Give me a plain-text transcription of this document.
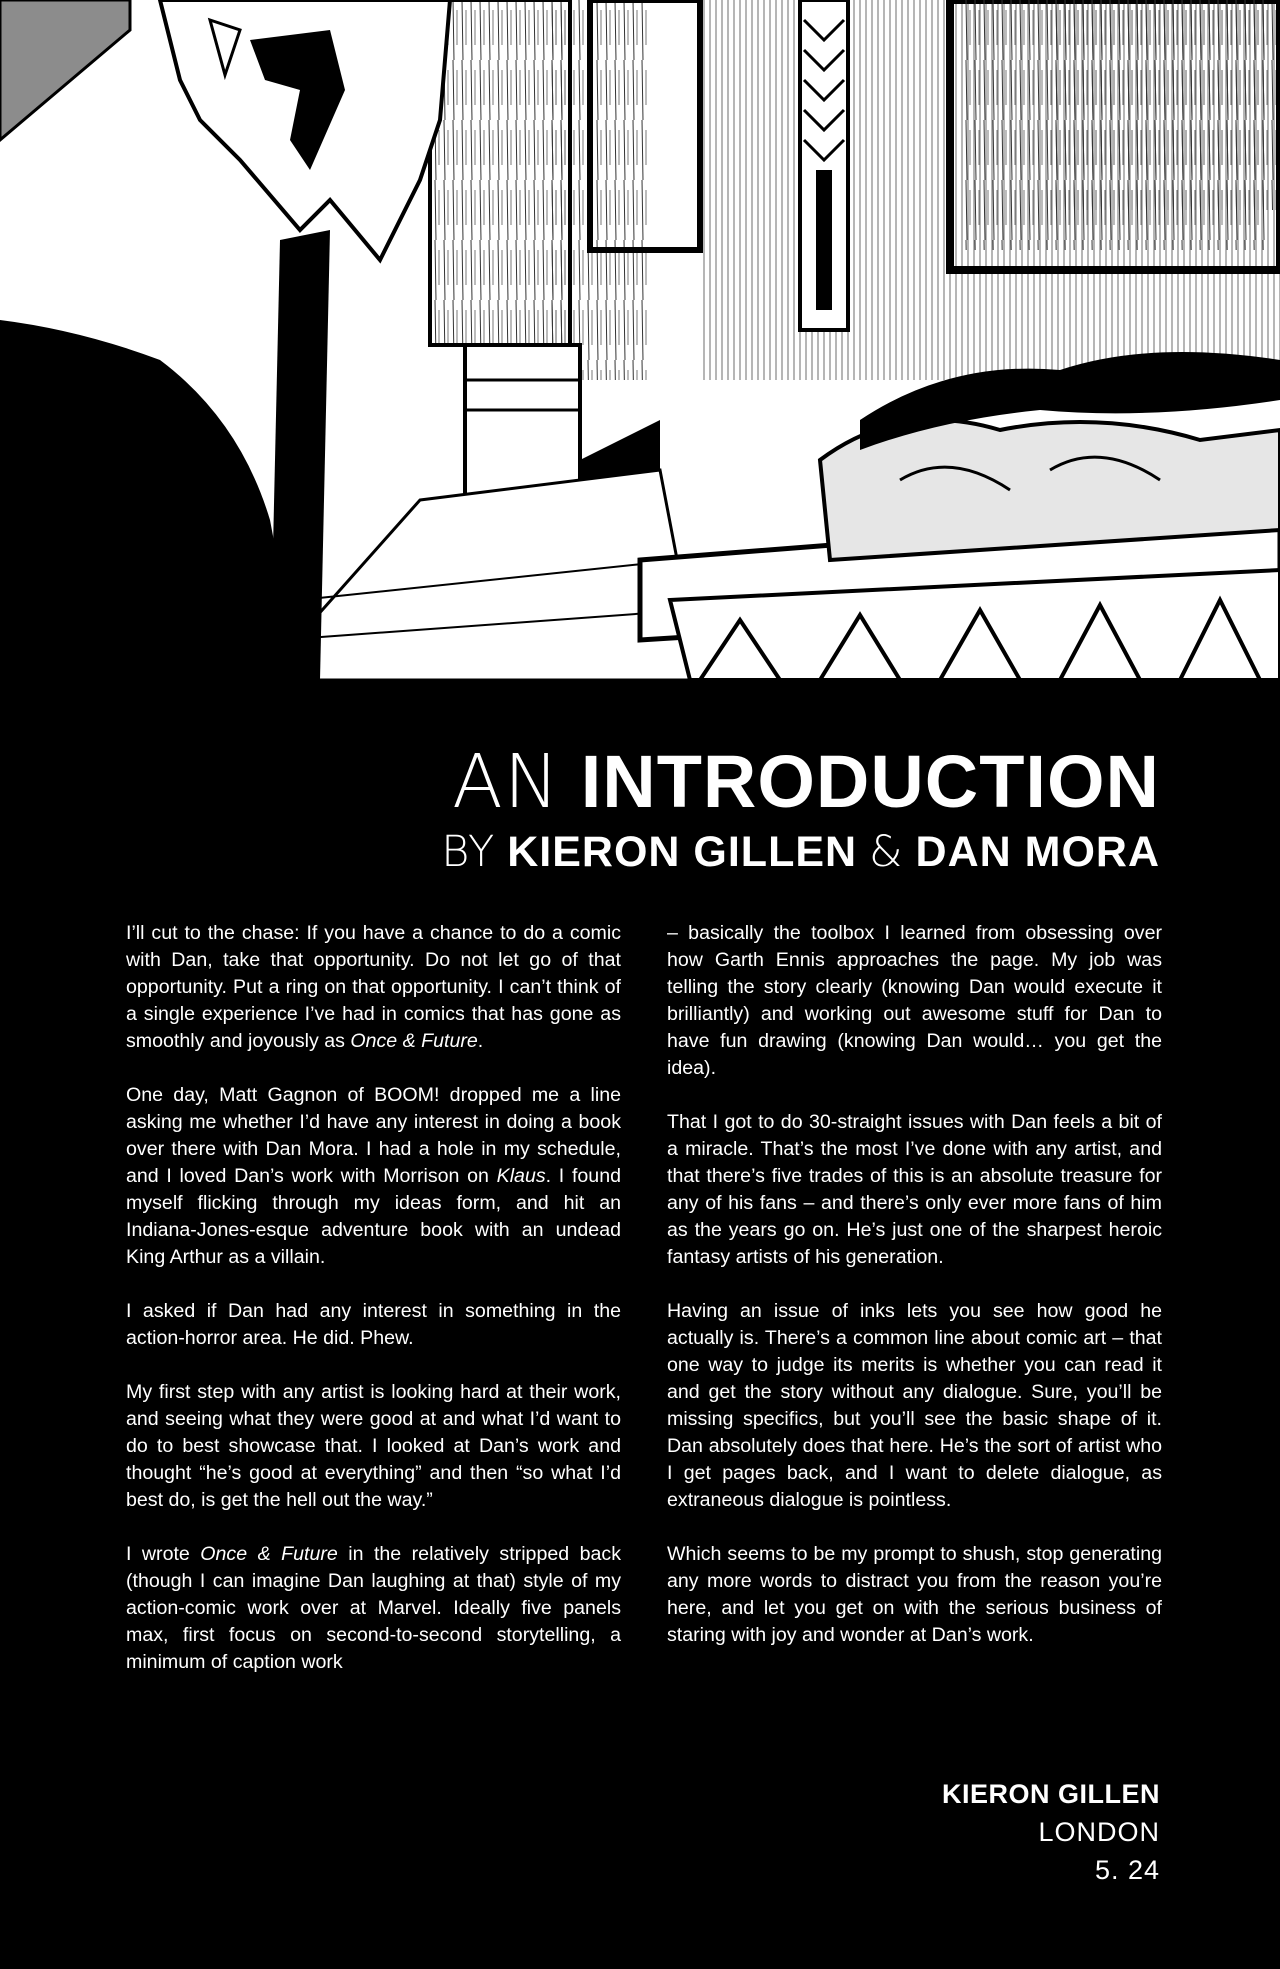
AN INTRODUCTION
BY KIERON GILLEN & DAN MORA

I’ll cut to the chase: If you have a chance to do a comic with Dan, take that opportunity. Do not let go of that opportunity. Put a ring on that opportunity. I can’t think of a single experience I’ve had in comics that has gone as smoothly and joyously as Once & Future.

One day, Matt Gagnon of BOOM! dropped me a line asking me whether I’d have any interest in doing a book over there with Dan Mora. I had a hole in my schedule, and I loved Dan’s work with Morrison on Klaus. I found myself flicking through my ideas form, and hit an Indiana-Jones-esque adventure book with an undead King Arthur as a villain.

I asked if Dan had any interest in something in the action-horror area. He did. Phew.

My first step with any artist is looking hard at their work, and seeing what they were good at and what I’d want to do to best showcase that. I looked at Dan’s work and thought “he’s good at everything” and then “so what I’d best do, is get the hell out the way.”

I wrote Once & Future in the relatively stripped back (though I can imagine Dan laughing at that) style of my action-comic work over at Marvel. Ideally five panels max, first focus on second-to-second storytelling, a minimum of caption work

– basically the toolbox I learned from obsessing over how Garth Ennis approaches the page. My job was telling the story clearly (knowing Dan would execute it brilliantly) and working out awesome stuff for Dan to have fun drawing (knowing Dan would… you get the idea).

That I got to do 30-straight issues with Dan feels a bit of a miracle. That’s the most I’ve done with any artist, and that there’s five trades of this is an absolute treasure for any of his fans – and there’s only ever more fans of him as the years go on. He’s just one of the sharpest heroic fantasy artists of his generation.

Having an issue of inks lets you see how good he actually is. There’s a common line about comic art – that one way to judge its merits is whether you can read it and get the story without any dialogue. Sure, you’ll be missing specifics, but you’ll see the basic shape of it. Dan absolutely does that here. He’s the sort of artist who I get pages back, and I want to delete dialogue, as extraneous dialogue is pointless.

Which seems to be my prompt to shush, stop generating any more words to distract you from the reason you’re here, and let you get on with the serious business of staring with joy and wonder at Dan’s work.

KIERON GILLEN
LONDON
5. 24
